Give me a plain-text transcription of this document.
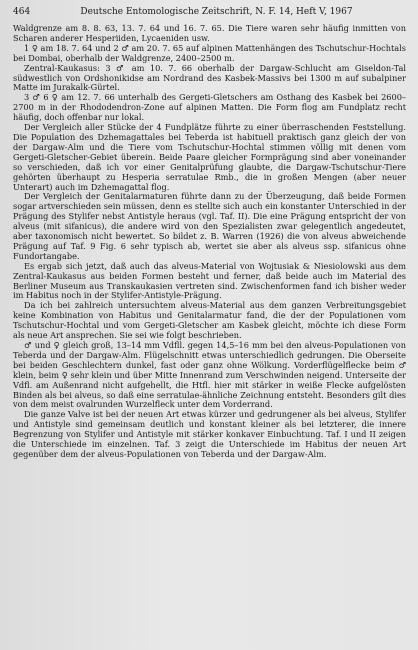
464	Deutsche Entomologische Zeitschrift, N. F. 14, Heft V, 1967

Waldgrenze am 8. 8. 63, 13. 7. 64 und 16. 7. 65. Die Tiere waren sehr häufig inmitten von Scharen anderer Hesperiiden, Lycaeniden usw.

1 ♀ am 18. 7. 64 und 2 ♂ am 20. 7. 65 auf alpinen Mattenhängen des Tschutschur-Hochtals bei Dombai, oberhalb der Waldgrenze, 2400–2500 m.

Zentral-Kaukasus: 3 ♂ am 10. 7. 66 oberhalb der Dargaw-Schlucht am Giseldon-Tal südwestlich von Ordshonikidse am Nordrand des Kasbek-Massivs bei 1300 m auf subalpiner Matte im Jurakalk-Gürtel.

3 ♂ 6 ♀ am 12. 7. 66 unterhalb des Gergeti-Gletschers am Osthang des Kasbek bei 2600–2700 m in der Rhododendron-Zone auf alpinen Matten. Die Form flog am Fundplatz recht häufig, doch offenbar nur lokal.

Der Vergleich aller Stücke der 4 Fundplätze führte zu einer überraschenden Feststellung. Die Population des Dzhemagattales bei Teberda ist habituell praktisch ganz gleich der von der Dargaw-Alm und die Tiere vom Tschutschur-Hochtal stimmen völlig mit denen vom Gergeti-Gletscher-Gebiet überein. Beide Paare gleicher Formprägung sind aber voneinander so verschieden, daß ich vor einer Genitalprüfung glaubte, die Dargaw-Tschutschur-Tiere gehörten überhaupt zu Hesperia serratulae Rmb., die in großen Mengen (aber neuer Unterart) auch im Dzhemagattal flog.

Der Vergleich der Genitalarmaturen führte dann zu der Überzeugung, daß beide Formen sogar artverschieden sein müssen, denn es stellte sich auch ein konstanter Unterschied in der Prägung des Stylifer nebst Antistyle heraus (vgl. Taf. II). Die eine Prägung entspricht der von alveus (mit sifanicus), die andere wird von den Spezialisten zwar gelegentlich angedeutet, aber taxonomisch nicht bewertet. So bildet z. B. Warren (1926) die von alveus abweichende Prägung auf Taf. 9 Fig. 6 sehr typisch ab, wertet sie aber als alveus ssp. sifanicus ohne Fundortangabe.

Es ergab sich jetzt, daß auch das alveus-Material von Wojtusiak & Niesiolowski aus dem Zentral-Kaukasus aus beiden Formen besteht und ferner, daß beide auch im Material des Berliner Museum aus Transkaukasien vertreten sind. Zwischenformen fand ich bisher weder im Habitus noch in der Stylifer-Antistyle-Prägung.

Da ich bei zahlreich untersuchtem alveus-Material aus dem ganzen Verbreitungsgebiet keine Kombination von Habitus und Genitalarmatur fand, die der der Populationen vom Tschutschur-Hochtal und vom Gergeti-Gletscher am Kasbek gleicht, möchte ich diese Form als neue Art ansprechen. Sie sei wie folgt beschrieben.

♂ und ♀ gleich groß, 13–14 mm Vdfll. gegen 14,5–16 mm bei den alveus-Populationen von Teberda und der Dargaw-Alm. Flügelschnitt etwas unterschiedlich gedrungen. Die Oberseite bei beiden Geschlechtern dunkel, fast oder ganz ohne Wölkung. Vorderflügelflecke beim ♂ klein, beim ♀ sehr klein und über Mitte Innenrand zum Verschwinden neigend. Unterseite der Vdfl. am Außenrand nicht aufgehellt, die Htfl. hier mit stärker in weiße Flecke aufgelösten Binden als bei alveus, so daß eine serratulae-ähnliche Zeichnung entsteht. Besonders gilt dies von dem meist ovalrunden Wurzelfleck unter dem Vorderrand.

Die ganze Valve ist bei der neuen Art etwas kürzer und gedrungener als bei alveus, Stylifer und Antistyle sind gemeinsam deutlich und konstant kleiner als bei letzterer, die innere Begrenzung von Stylifer und Antistyle mit stärker konkaver Einbuchtung. Taf. I und II zeigen die Unterschiede im einzelnen. Taf. 3 zeigt die Unterschiede im Habitus der neuen Art gegenüber dem der alveus-Populationen von Teberda und der Dargaw-Alm.
